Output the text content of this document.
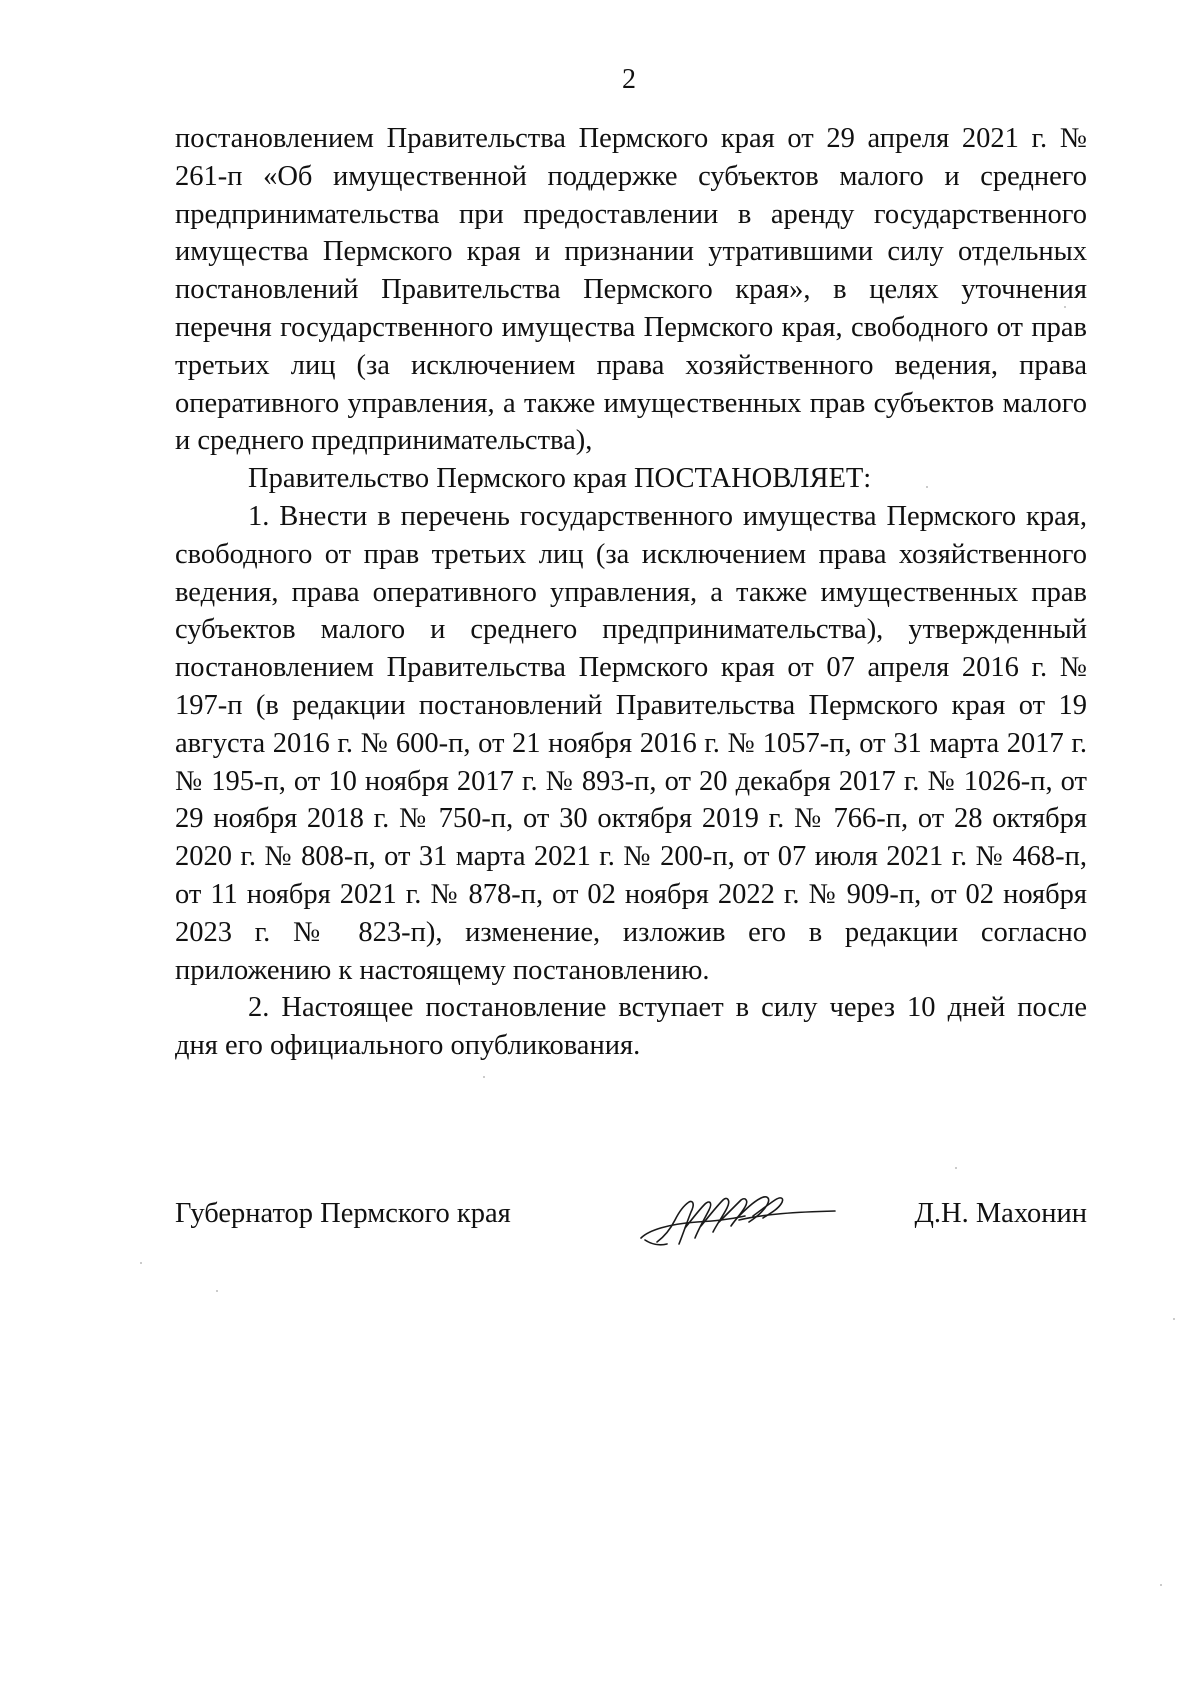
2

постановлением Правительства Пермского края от 29 апреля 2021 г. № 261-п «Об имущественной поддержке субъектов малого и среднего предпринимательства при предоставлении в аренду государственного имущества Пермского края и признании утратившими силу отдельных постановлений Правительства Пермского края», в целях уточнения перечня государственного имущества Пермского края, свободного от прав третьих лиц (за исключением права хозяйственного ведения, права оперативного управления, а также имущественных прав субъектов малого и среднего предпринимательства),

Правительство Пермского края ПОСТАНОВЛЯЕТ:

1. Внести в перечень государственного имущества Пермского края, свободного от прав третьих лиц (за исключением права хозяйственного ведения, права оперативного управления, а также имущественных прав субъектов малого и среднего предпринимательства), утвержденный постановлением Правительства Пермского края от 07 апреля 2016 г. № 197-п (в редакции постановлений Правительства Пермского края от 19 августа 2016 г. № 600-п, от 21 ноября 2016 г. № 1057-п, от 31 марта 2017 г. № 195-п, от 10 ноября 2017 г. № 893-п, от 20 декабря 2017 г. № 1026-п, от 29 ноября 2018 г. № 750-п, от 30 октября 2019 г. № 766-п, от 28 октября 2020 г. № 808-п, от 31 марта 2021 г. № 200-п, от 07 июля 2021 г. № 468-п, от 11 ноября 2021 г. № 878-п, от 02 ноября 2022 г. № 909-п, от 02 ноября 2023 г. № 823-п), изменение, изложив его в редакции согласно приложению к настоящему постановлению.

2. Настоящее постановление вступает в силу через 10 дней после дня его официального опубликования.

Губернатор Пермского края	Д.Н. Махонин
